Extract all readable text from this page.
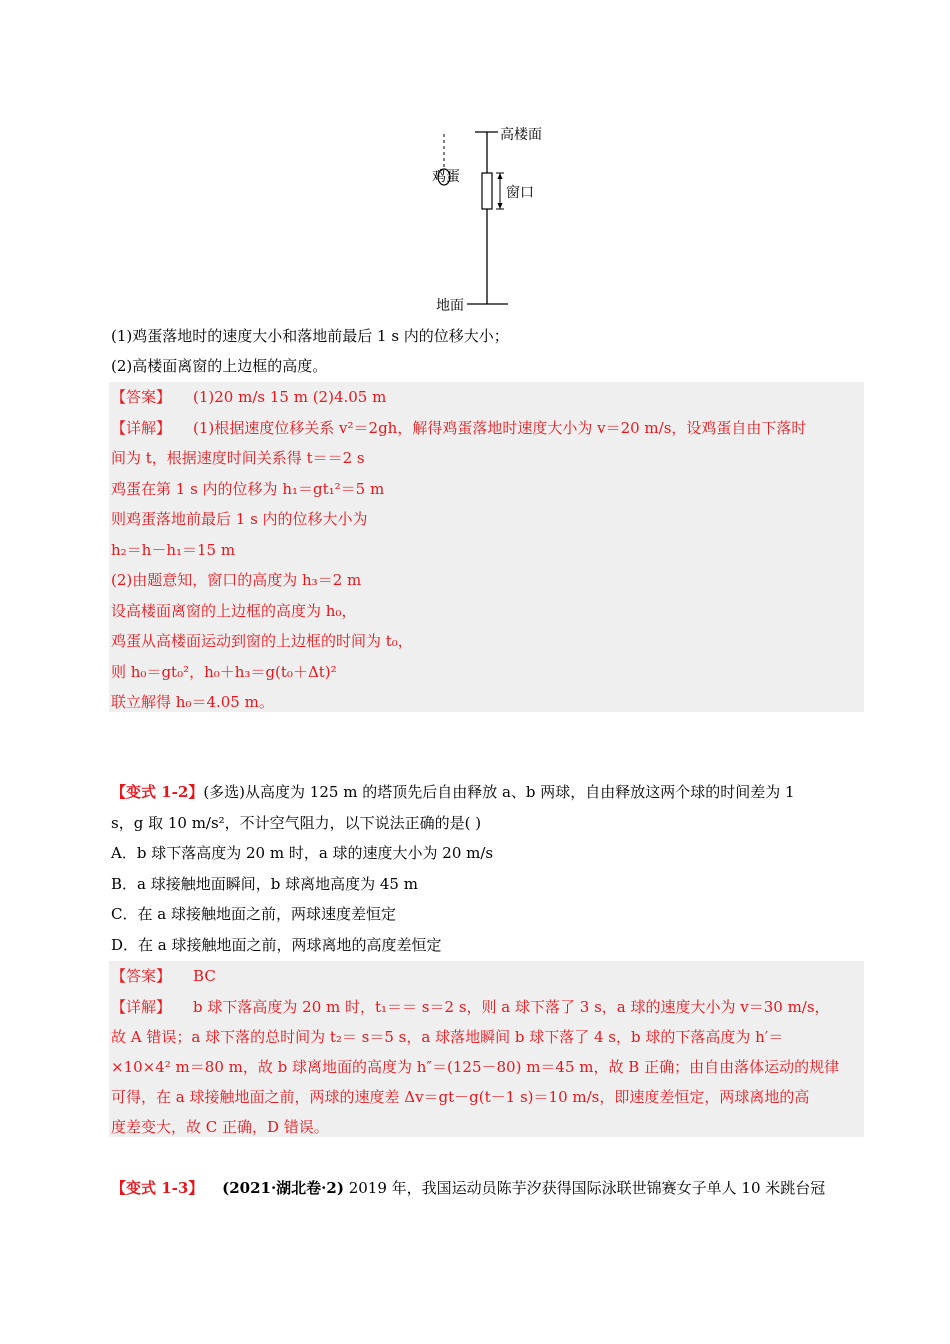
高楼面
鸡蛋
窗口
地面
(1)鸡蛋落地时的速度大小和落地前最后 1 s 内的位移大小；
(2)高楼面离窗的上边框的高度。
【答案】 (1)20 m/s 15 m (2)4.05 m
【详解】 (1)根据速度位移关系 v²＝2gh，解得鸡蛋落地时速度大小为 v＝20 m/s，设鸡蛋自由下落时
间为 t，根据速度时间关系得 t＝＝2 s
鸡蛋在第 1 s 内的位移为 h₁＝gt₁²＝5 m
则鸡蛋落地前最后 1 s 内的位移大小为
h₂＝h－h₁＝15 m
(2)由题意知，窗口的高度为 h₃＝2 m
设高楼面离窗的上边框的高度为 h₀，
鸡蛋从高楼面运动到窗的上边框的时间为 t₀，
则 h₀＝gt₀²，h₀＋h₃＝g(t₀＋Δt)²
联立解得 h₀＝4.05 m。
【变式 1-2】(多选)从高度为 125 m 的塔顶先后自由释放 a、b 两球，自由释放这两个球的时间差为 1
s，g 取 10 m/s²，不计空气阻力，以下说法正确的是( )
A．b 球下落高度为 20 m 时，a 球的速度大小为 20 m/s
B．a 球接触地面瞬间，b 球离地高度为 45 m
C．在 a 球接触地面之前，两球速度差恒定
D．在 a 球接触地面之前，两球离地的高度差恒定
【答案】 BC
【详解】 b 球下落高度为 20 m 时，t₁＝＝ s＝2 s，则 a 球下落了 3 s，a 球的速度大小为 v＝30 m/s，
故 A 错误；a 球下落的总时间为 t₂＝ s＝5 s，a 球落地瞬间 b 球下落了 4 s，b 球的下落高度为 h′＝
×10×4² m＝80 m，故 b 球离地面的高度为 h″＝(125－80) m＝45 m，故 B 正确；由自由落体运动的规律
可得，在 a 球接触地面之前，两球的速度差 Δv＝gt－g(t－1 s)＝10 m/s，即速度差恒定，两球离地的高
度差变大，故 C 正确，D 错误。
【变式 1-3】 (2021·湖北卷·2) 2019 年，我国运动员陈芋汐获得国际泳联世锦赛女子单人 10 米跳台冠
